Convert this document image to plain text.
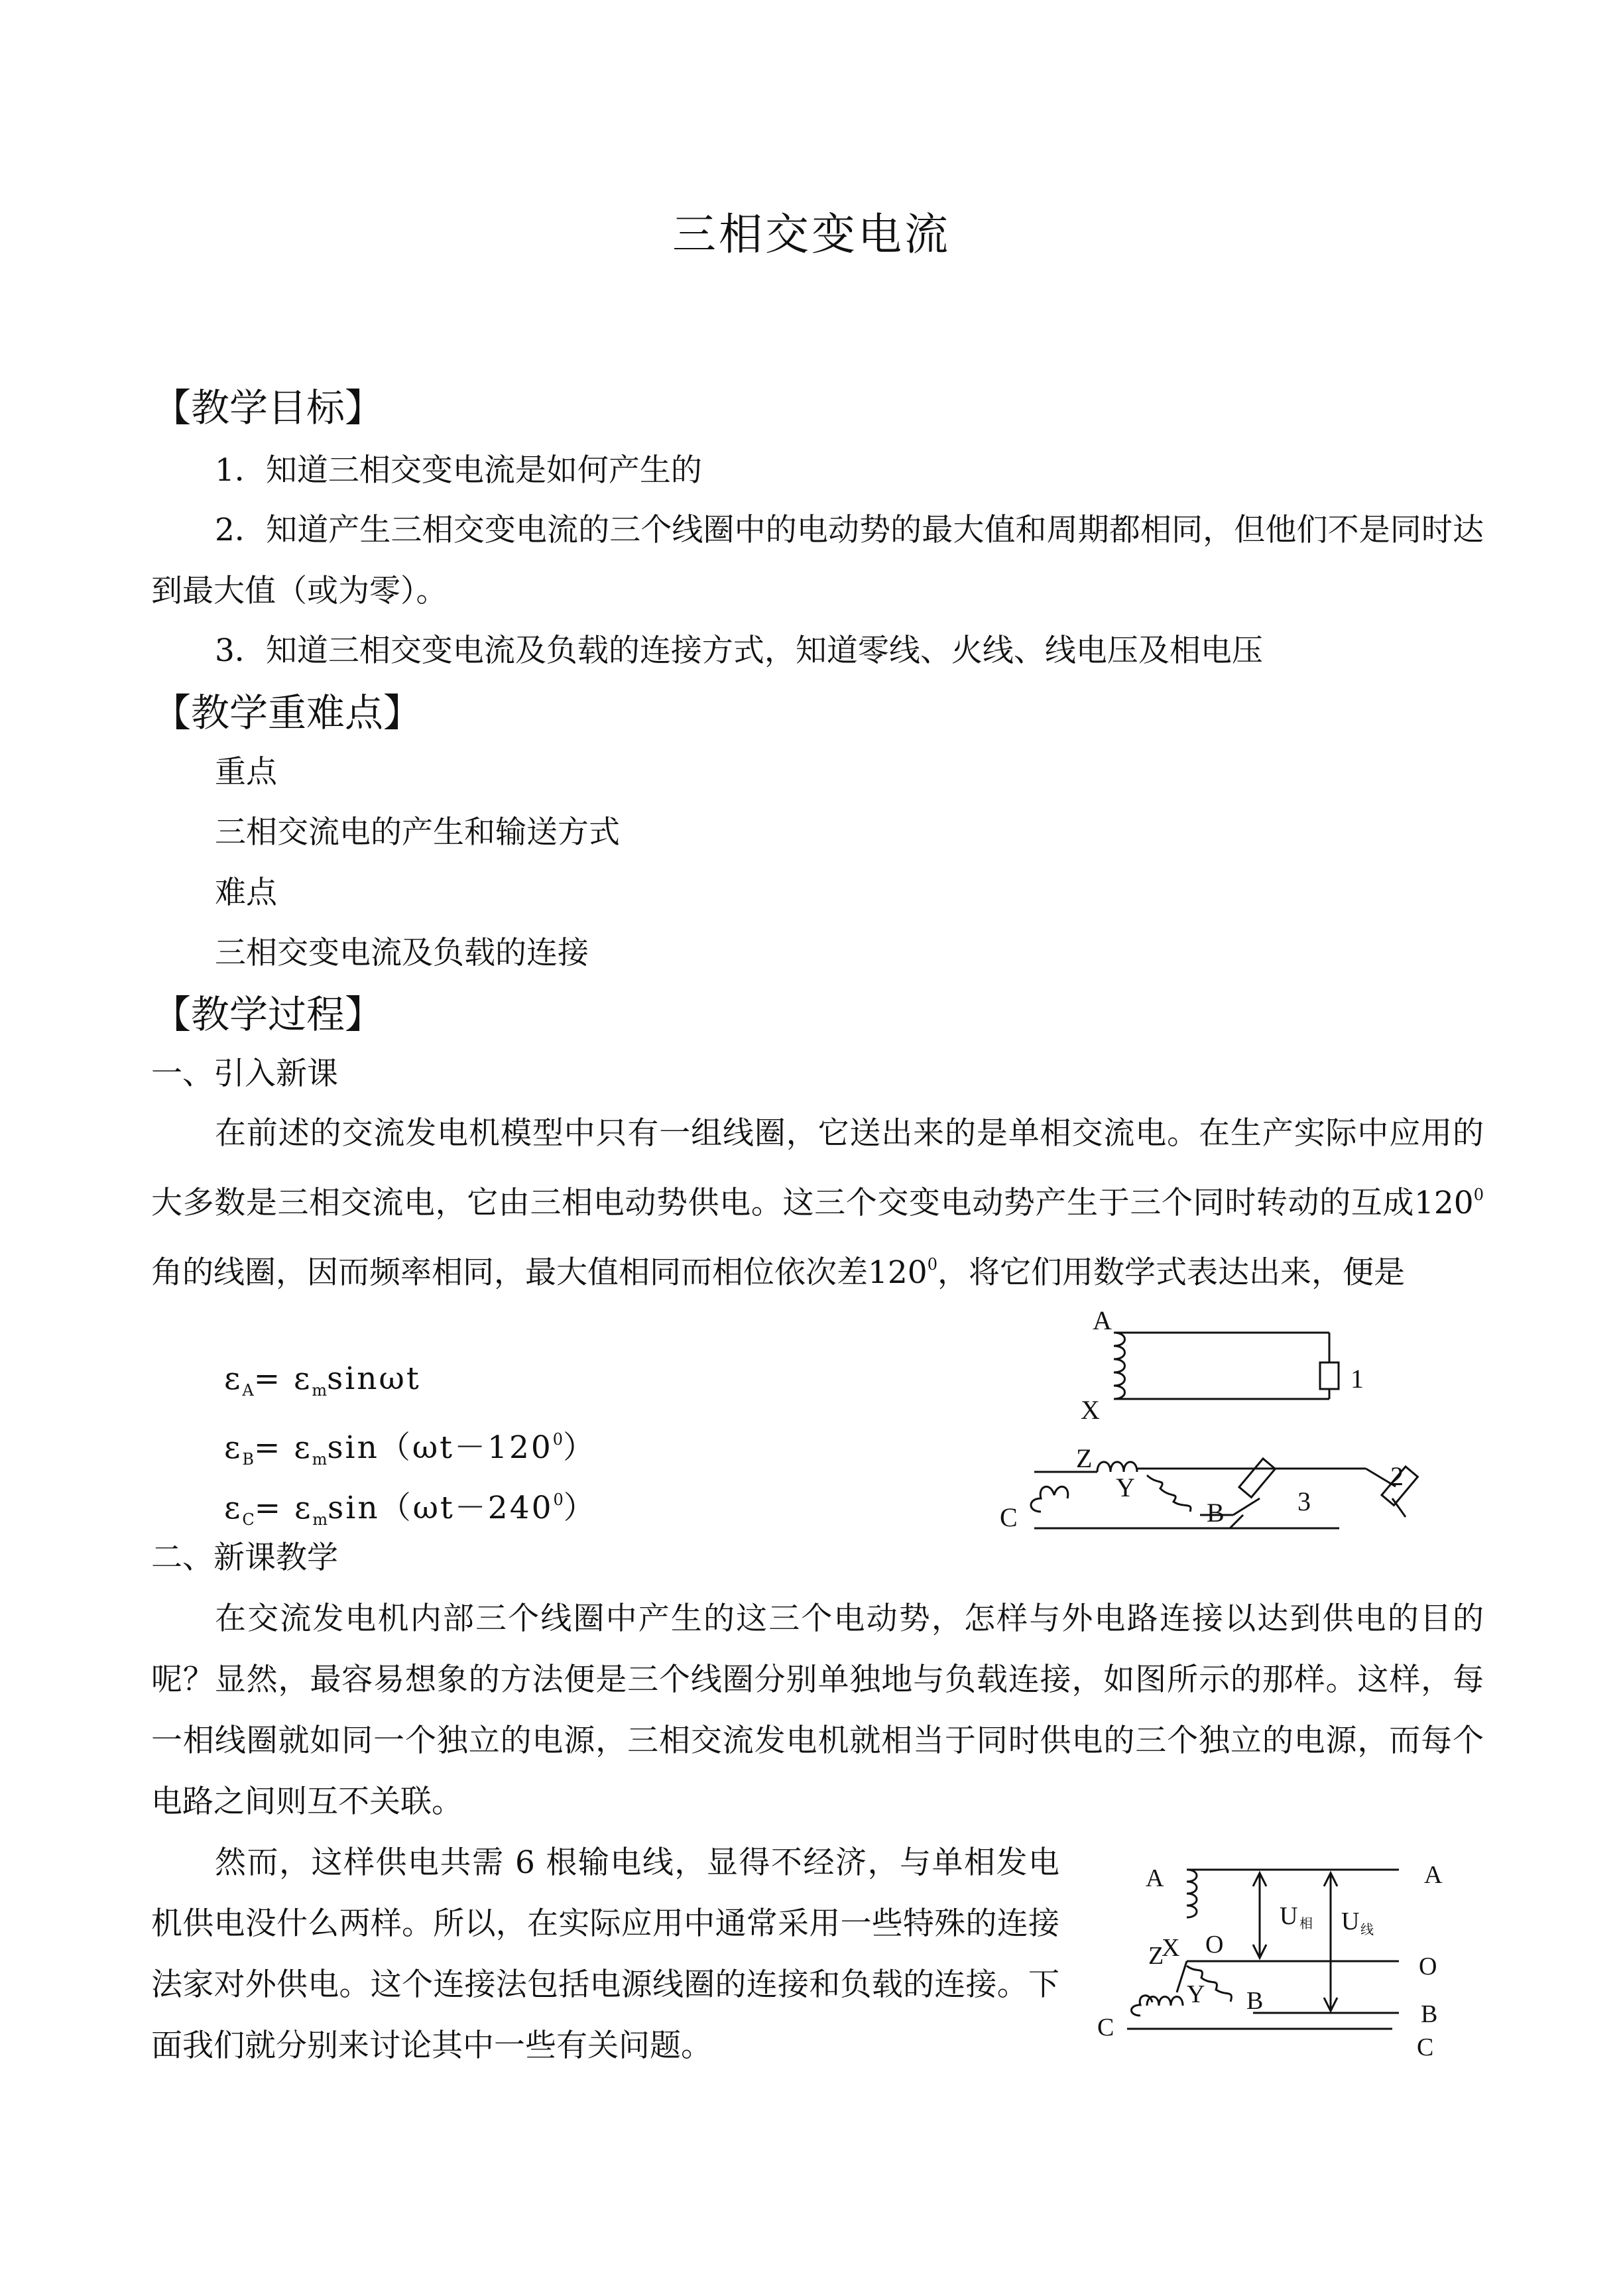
三相交变电流
【教学目标】
1．知道三相交变电流是如何产生的
2．知道产生三相交变电流的三个线圈中的电动势的最大值和周期都相同，但他们不是同时达到最大值（或为零）。
3．知道三相交变电流及负载的连接方式，知道零线、火线、线电压及相电压
【教学重难点】
重点
三相交流电的产生和输送方式
难点
三相交变电流及负载的连接
【教学过程】
一、引入新课
在前述的交流发电机模型中只有一组线圈，它送出来的是单相交流电。在生产实际中应用的大多数是三相交流电，它由三相电动势供电。这三个交变电动势产生于三个同时转动的互成$120^0$角的线圈，因而频率相同，最大值相同而相位依次差$120^0$，将它们用数学式表达出来，便是
$\varepsilon_A= \varepsilon_m\sin\omega t$
$\varepsilon_B= \varepsilon_m\sin(\omega t-120^0)$
$\varepsilon_C= \varepsilon_m\sin(\omega t-240^0)$
二、新课教学
在交流发电机内部三个线圈中产生的这三个电动势，怎样与外电路连接以达到供电的目的呢？显然，最容易想象的方法便是三个线圈分别单独地与负载连接，如图所示的那样。这样，每一相线圈就如同一个独立的电源，三相交流发电机就相当于同时供电的三个独立的电源，而每个电路之间则互不关联。
然而，这样供电共需 6 根输电线，显得不经济，与单相发电机供电没什么两样。所以，在实际应用中通常采用一些特殊的连接法家对外供电。这个连接法包括电源线圈的连接和负载的连接。下面我们就分别来讨论其中一些有关问题。
A
X
Z
Y
B
C
1
2
3
A	A
X
Z O
O
Y B	B
C
C
U 相 U 线
